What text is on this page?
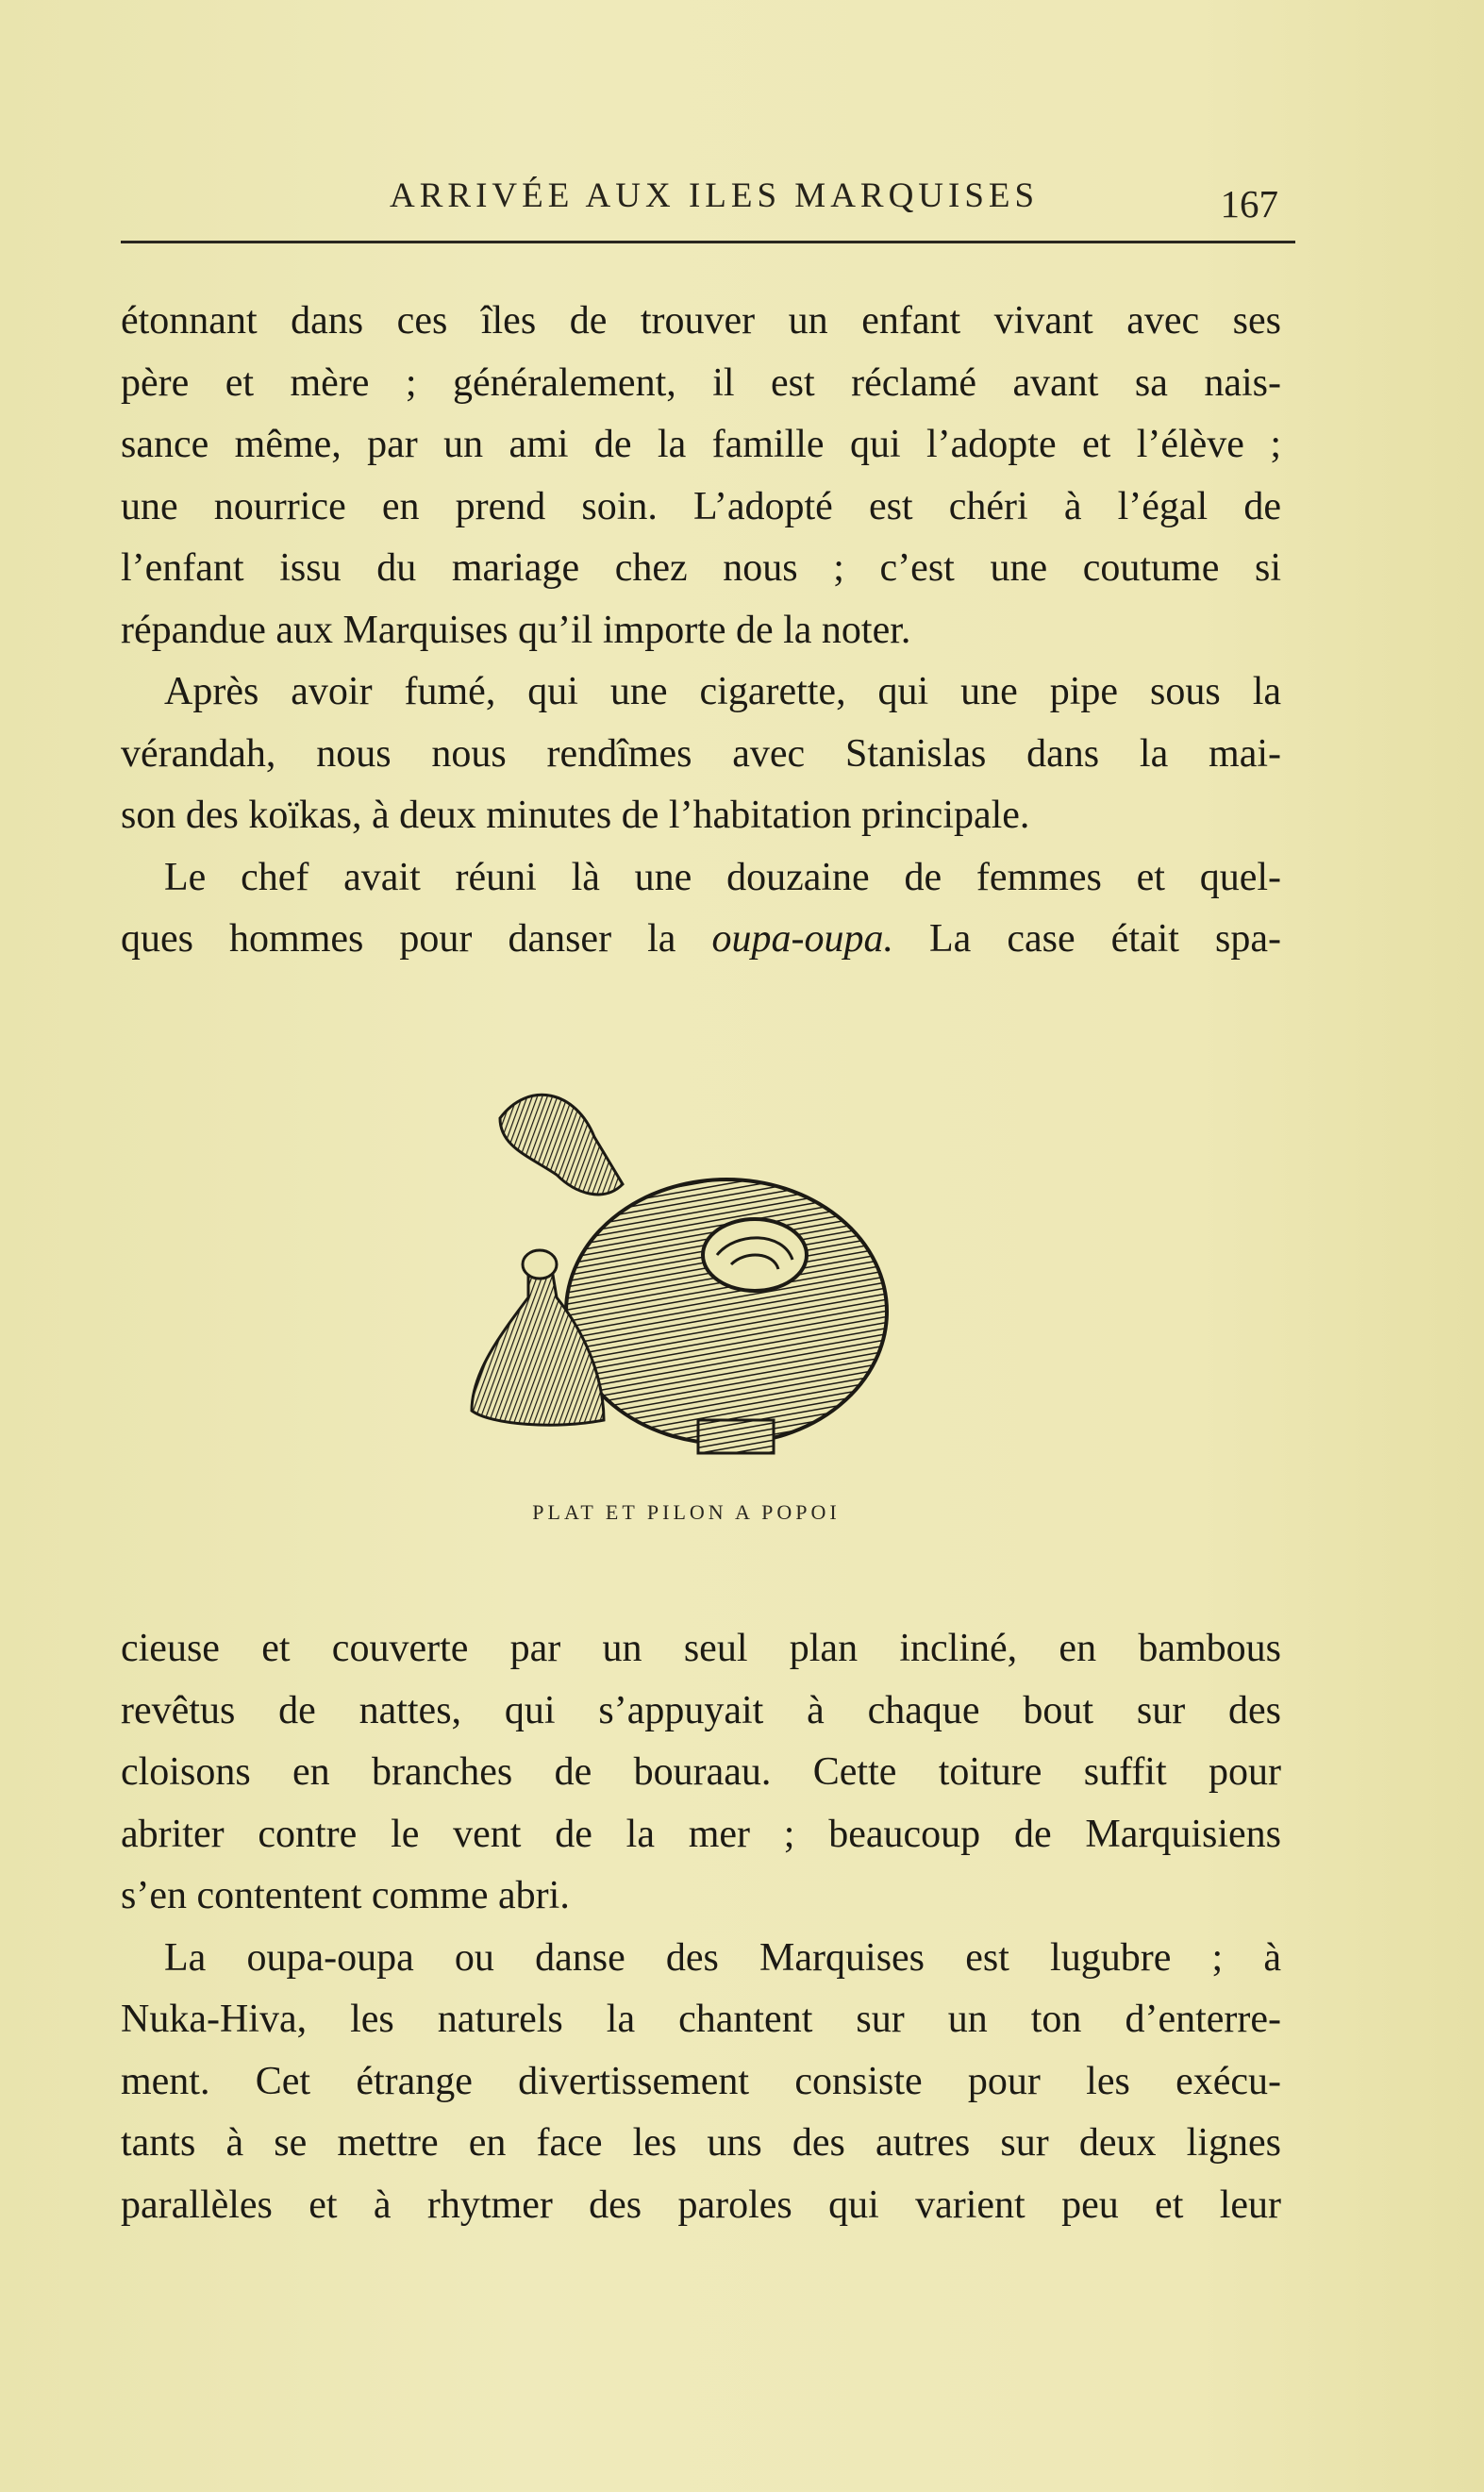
ARRIVÉE AUX ILES MARQUISES	167
étonnant dans ces îles de trouver un enfant vivant avec ses
père et mère ; généralement, il est réclamé avant sa nais-
sance même, par un ami de la famille qui l’adopte et l’élève ;
une nourrice en prend soin. L’adopté est chéri à l’égal de
l’enfant issu du mariage chez nous ; c’est une coutume si
répandue aux Marquises qu’il importe de la noter.
Après avoir fumé, qui une cigarette, qui une pipe sous la
vérandah, nous nous rendîmes avec Stanislas dans la mai-
son des koïkas, à deux minutes de l’habitation principale.
Le chef avait réuni là une douzaine de femmes et quel-
ques hommes pour danser la oupa-oupa. La case était spa-
PLAT ET PILON A POPOI
cieuse et couverte par un seul plan incliné, en bambous
revêtus de nattes, qui s’appuyait à chaque bout sur des
cloisons en branches de bouraau. Cette toiture suffit pour
abriter contre le vent de la mer ; beaucoup de Marquisiens
s’en contentent comme abri.
La oupa-oupa ou danse des Marquises est lugubre ; à
Nuka-Hiva, les naturels la chantent sur un ton d’enterre-
ment. Cet étrange divertissement consiste pour les exécu-
tants à se mettre en face les uns des autres sur deux lignes
parallèles et à rhytmer des paroles qui varient peu et leur
